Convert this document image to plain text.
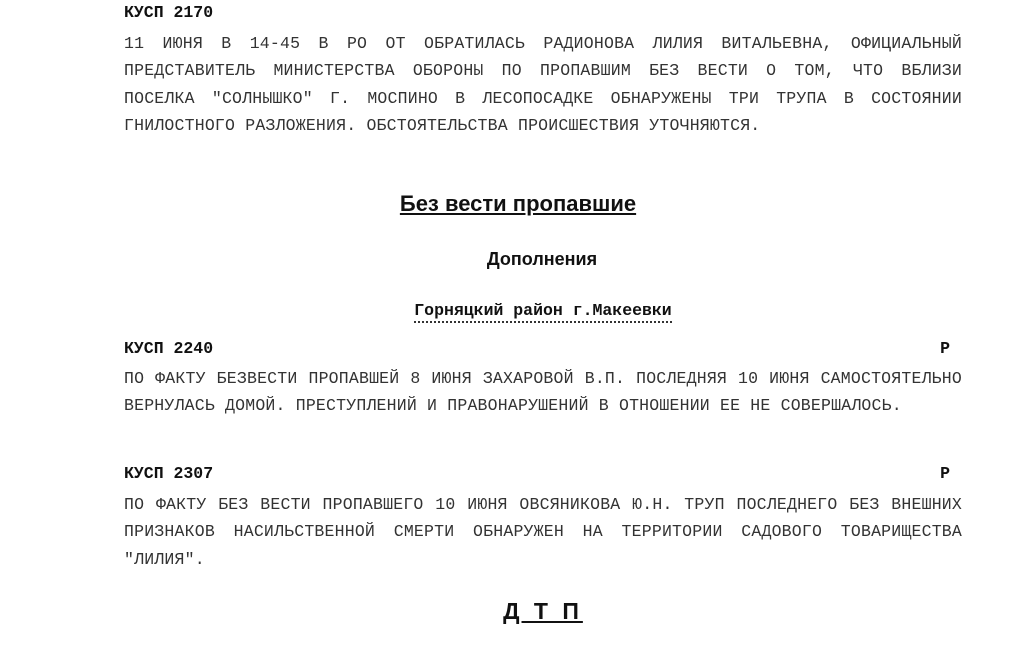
КУСП 2170

11 ИЮНЯ В 14-45 В РО ОТ ОБРАТИЛАСЬ РАДИОНОВА ЛИЛИЯ ВИТАЛЬЕВНА, ОФИЦИАЛЬНЫЙ ПРЕДСТАВИТЕЛЬ МИНИСТЕРСТВА ОБОРОНЫ ПО ПРОПАВШИМ БЕЗ ВЕСТИ О ТОМ, ЧТО ВБЛИЗИ ПОСЕЛКА "СОЛНЫШКО" Г. МОСПИНО В ЛЕСОПОСАДКЕ ОБНАРУЖЕНЫ ТРИ ТРУПА В СОСТОЯНИИ ГНИЛОСТНОГО РАЗЛОЖЕНИЯ. ОБСТОЯТЕЛЬСТВА ПРОИСШЕСТВИЯ УТОЧНЯЮТСЯ.

Без вести пропавшие
Дополнения
Горняцкий район г.Макеевки
КУСП 2240	Р

ПО ФАКТУ БЕЗВЕСТИ ПРОПАВШЕЙ 8 ИЮНЯ ЗАХАРОВОЙ В.П. ПОСЛЕДНЯЯ 10 ИЮНЯ САМОСТОЯТЕЛЬНО ВЕРНУЛАСЬ ДОМОЙ. ПРЕСТУПЛЕНИЙ И ПРАВОНАРУШЕНИЙ В ОТНОШЕНИИ ЕЕ НЕ СОВЕРШАЛОСЬ.

КУСП 2307	Р

ПО ФАКТУ БЕЗ ВЕСТИ ПРОПАВШЕГО 10 ИЮНЯ ОВСЯНИКОВА Ю.Н. ТРУП ПОСЛЕДНЕГО БЕЗ ВНЕШНИХ ПРИЗНАКОВ НАСИЛЬСТВЕННОЙ СМЕРТИ ОБНАРУЖЕН НА ТЕРРИТОРИИ САДОВОГО ТОВАРИЩЕСТВА "ЛИЛИЯ".

Д Т П
